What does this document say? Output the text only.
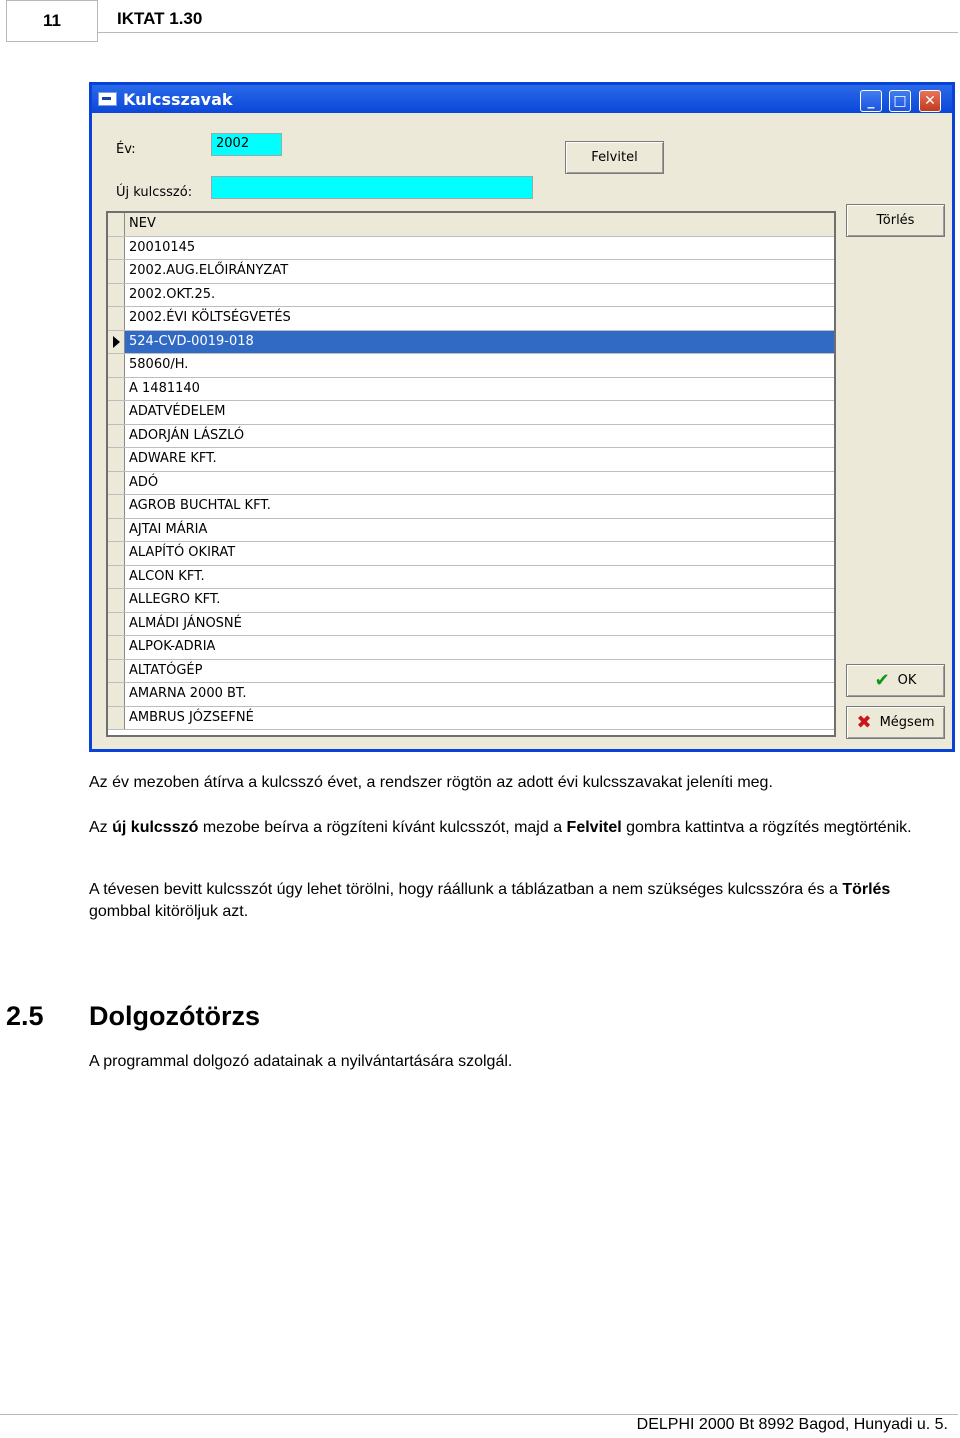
11	IKTAT 1.30
Kulcsszavak	_	□	✕
Év:	2002
Új kulcsszó:
Felvitel
Törlés
✔ OK
✖ Mégsem
NEV
20010145
2002.AUG.ELŐIRÁNYZAT
2002.OKT.25.
2002.ÉVI KÖLTSÉGVETÉS
524-CVD-0019-018
58060/H.
A 1481140
ADATVÉDELEM
ADORJÁN LÁSZLÓ
ADWARE KFT.
ADÓ
AGROB BUCHTAL KFT.
AJTAI MÁRIA
ALAPÍTÓ OKIRAT
ALCON KFT.
ALLEGRO KFT.
ALMÁDI JÁNOSNÉ
ALPOK-ADRIA
ALTATÓGÉP
AMARNA 2000 BT.
AMBRUS JÓZSEFNÉ
Az év mezoben átírva a kulcsszó évet, a rendszer rögtön az adott évi kulcsszavakat jeleníti meg.
Az új kulcsszó mezobe beírva a rögzíteni kívánt kulcsszót, majd a Felvitel gombra kattintva a rögzítés megtörténik.
A tévesen bevitt kulcsszót úgy lehet törölni, hogy ráállunk a táblázatban a nem szükséges kulcsszóra és a Törlés gombbal kitöröljuk azt.
2.5 Dolgozótörzs
A programmal dolgozó adatainak a nyilvántartására szolgál.
DELPHI 2000 Bt 8992 Bagod, Hunyadi u. 5.
